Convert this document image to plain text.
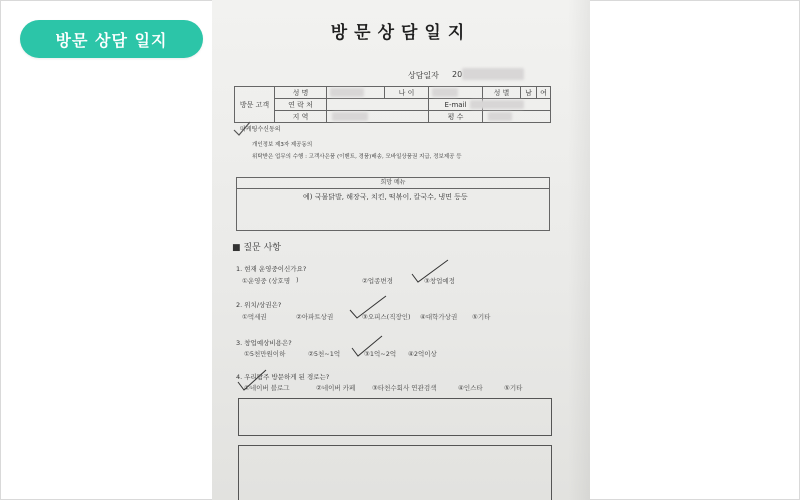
방문 상담 일지	방문상담일지
상담일자 20
방문 고객	성 명		나 이		성 별	남	여
	연 락 처			E-mail			
	지 역			평 수			
마케팅수신동의
개인정보 제3자 제공동의
위탁받은 업무의 수행 : 고객사은품 (이벤트, 경품)배송, 모바일상품권 지급, 정보제공 등
희망 메뉴
예) 국물닭발, 해장국, 치킨, 떡볶이, 칼국수, 냉면 등등
■ 질문 사항
1. 현재 운영중이신가요?
①운영중 (상호명 )	②업종변경	③창업예정
2. 위치/상권은?
①먹세권	②아파트상권	③오피스(직장인) ④대학가상권 ⑤기타
3. 창업예상비용은?
①5천만원이하	②5천~1억	③1억~2억 ④2억이상
4. 우리탐주 방문하게 된 경로는?
①네이버 블로그	②네이버 카페	③타천수회사 연관검색	④인스타	⑤기타
